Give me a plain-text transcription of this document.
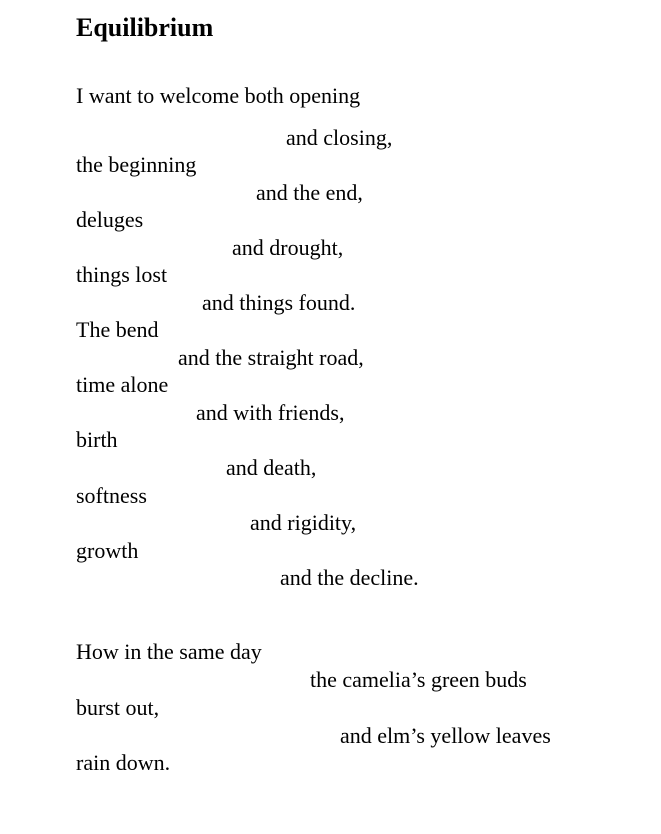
Equilibrium
I want to welcome both opening
and closing,
the beginning
and the end,
deluges
and drought,
things lost
and things found.
The bend
and the straight road,
time alone
and with friends,
birth
and death,
softness
and rigidity,
growth
and the decline.
How in the same day
the camelia’s green buds
burst out,
and elm’s yellow leaves
rain down.
